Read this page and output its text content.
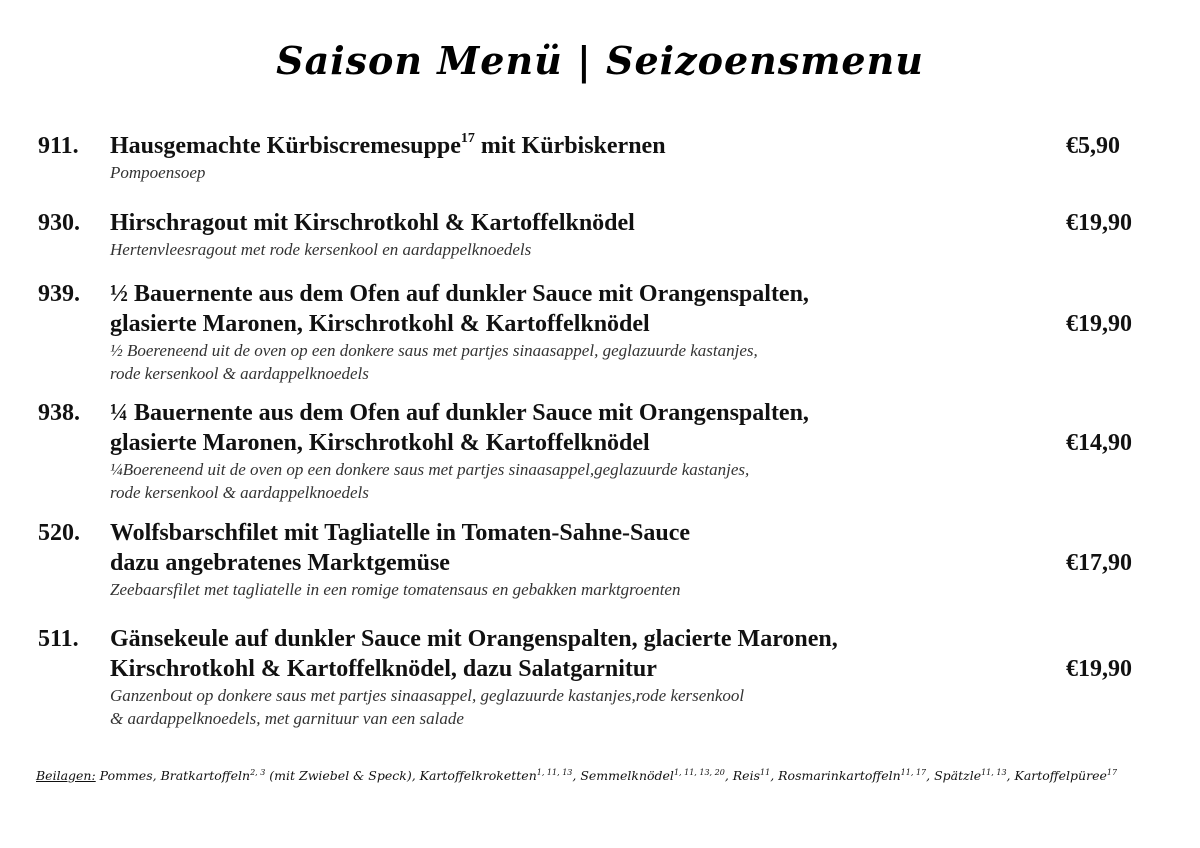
Saison Menü | Seizoensmenu
911.	Hausgemachte Kürbiscremesuppe$^{17}$ mit Kürbiskernen
Pompoensoep
€5,90
930.	Hirschragout mit Kirschrotkohl & Kartoffelknödel
Hertenvleesragout met rode kersenkool en aardappelknoedels
€19,90
939.	½ Bauernente aus dem Ofen auf dunkler Sauce mit Orangenspalten,
glasierte Maronen, Kirschrotkohl & Kartoffelknödel
½ Boereneend uit de oven op een donkere saus met partjes sinaasappel, geglazuurde kastanjes,
rode kersenkool & aardappelknoedels
€19,90
938.	¼ Bauernente aus dem Ofen auf dunkler Sauce mit Orangenspalten,
glasierte Maronen, Kirschrotkohl & Kartoffelknödel
¼Boereneend uit de oven op een donkere saus met partjes sinaasappel,geglazuurde kastanjes,
rode kersenkool & aardappelknoedels
€14,90
520.	Wolfsbarschfilet mit Tagliatelle in Tomaten-Sahne-Sauce
dazu angebratenes Marktgemüse
Zeebaarsfilet met tagliatelle in een romige tomatensaus en gebakken marktgroenten
€17,90
511.	Gänsekeule auf dunkler Sauce mit Orangenspalten, glacierte Maronen,
Kirschrotkohl & Kartoffelknödel, dazu Salatgarnitur
Ganzenbout op donkere saus met partjes sinaasappel, geglazuurde kastanjes,rode kersenkool
& aardappelknoedels, met garnituur van een salade
€19,90
Beilagen: Pommes, Bratkartoffeln$^{2, 3}$ (mit Zwiebel & Speck), Kartoffelkroketten$^{1, 11, 13}$, Semmelknödel$^{1, 11, 13, 20}$, Reis$^{11}$, Rosmarinkartoffeln$^{11, 17}$, Spätzle$^{11, 13}$, Kartoffelpüree$^{17}$
